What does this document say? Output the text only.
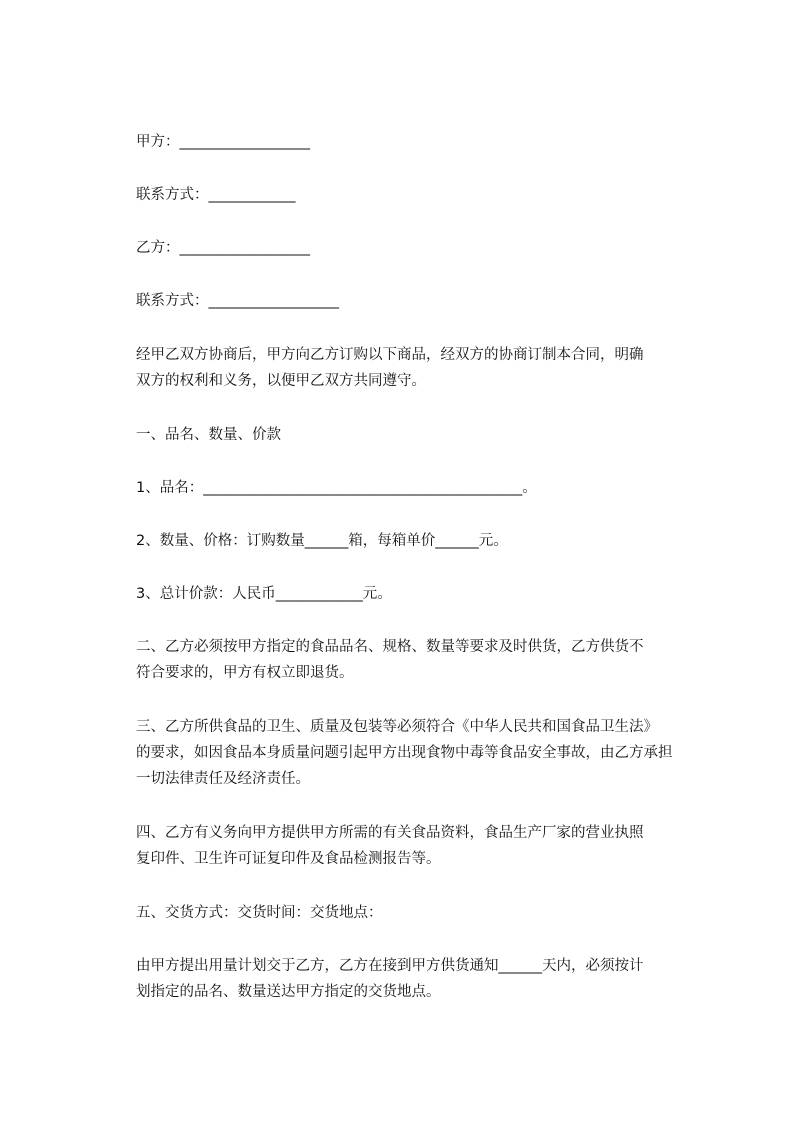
甲方：__________________

联系方式：____________

乙方：__________________

联系方式：__________________

经甲乙双方协商后，甲方向乙方订购以下商品，经双方的协商订制本合同，明确
双方的权利和义务，以便甲乙双方共同遵守。

一、品名、数量、价款

1、品名：____________________________________________。

2、数量、价格：订购数量______箱，每箱单价______元。

3、总计价款：人民币____________元。

二、乙方必须按甲方指定的食品品名、规格、数量等要求及时供货，乙方供货不
符合要求的，甲方有权立即退货。
三、乙方所供食品的卫生、质量及包装等必须符合《中华人民共和国食品卫生法》
的要求，如因食品本身质量问题引起甲方出现食物中毒等食品安全事故，由乙方承担
一切法律责任及经济责任。
四、乙方有义务向甲方提供甲方所需的有关食品资料，食品生产厂家的营业执照
复印件、卫生许可证复印件及食品检测报告等。

五、交货方式：交货时间：交货地点：

由甲方提出用量计划交于乙方，乙方在接到甲方供货通知______天内，必须按计
划指定的品名、数量送达甲方指定的交货地点。
